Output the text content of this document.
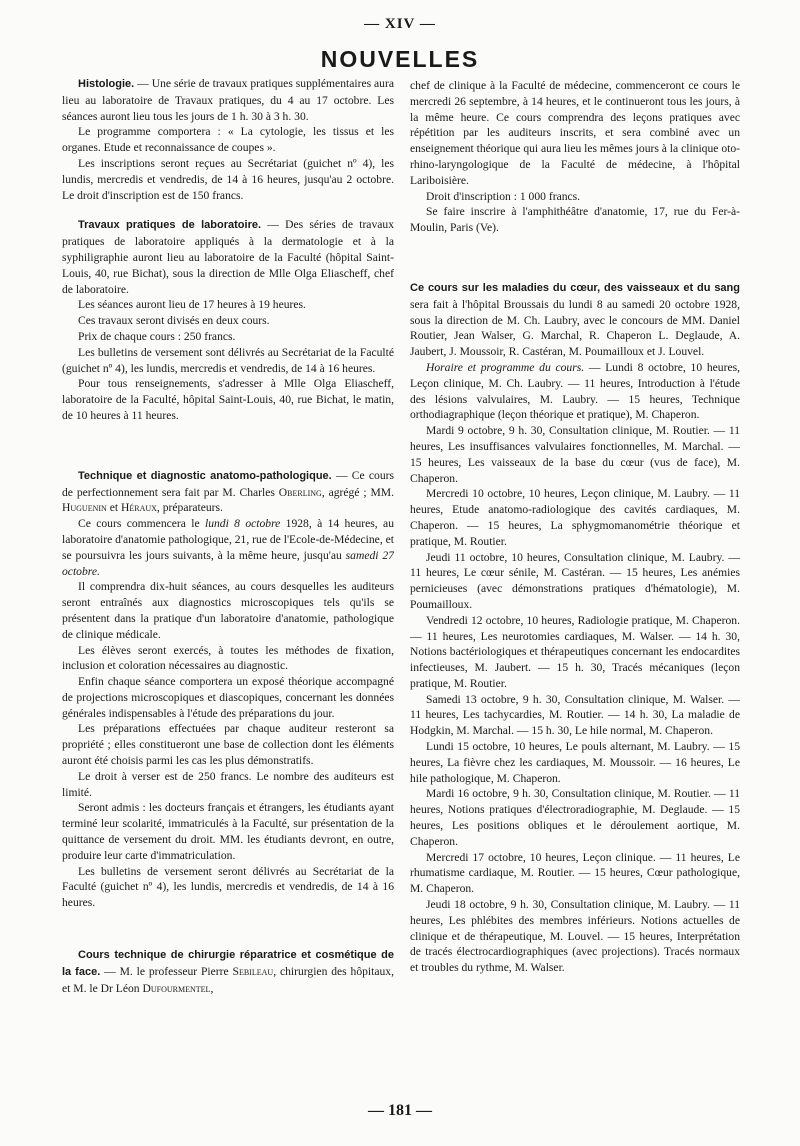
— XIV —
NOUVELLES

Histologie. — Une série de travaux pratiques supplémentaires aura lieu au laboratoire de Travaux pratiques, du 4 au 17 octobre. Les séances auront lieu tous les jours de 1 h. 30 à 3 h. 30.

Le programme comportera : « La cytologie, les tissus et les organes. Etude et reconnaissance de coupes ».

Les inscriptions seront reçues au Secrétariat (guichet nº 4), les lundis, mercredis et vendredis, de 14 à 16 heures, jusqu'au 2 octobre. Le droit d'inscription est de 150 francs.

Travaux pratiques de laboratoire. — Des séries de travaux pratiques de laboratoire appliqués à la dermatologie et à la syphiligraphie auront lieu au laboratoire de la Faculté (hôpital Saint-Louis, 40, rue Bichat), sous la direction de Mlle Olga Eliascheff, chef de laboratoire.

Les séances auront lieu de 17 heures à 19 heures.

Ces travaux seront divisés en deux cours.

Prix de chaque cours : 250 francs.

Les bulletins de versement sont délivrés au Secrétariat de la Faculté (guichet nº 4), les lundis, mercredis et vendredis, de 14 à 16 heures.

Pour tous renseignements, s'adresser à Mlle Olga Eliascheff, laboratoire de la Faculté, hôpital Saint-Louis, 40, rue Bichat, le matin, de 10 heures à 11 heures.

Technique et diagnostic anatomo-pathologique. — Ce cours de perfectionnement sera fait par M. Charles Oberling, agrégé ; MM. Huguenin et Héraux, préparateurs.

Ce cours commencera le lundi 8 octobre 1928, à 14 heures, au laboratoire d'anatomie pathologique, 21, rue de l'Ecole-de-Médecine, et se poursuivra les jours suivants, à la même heure, jusqu'au samedi 27 octobre.

Il comprendra dix-huit séances, au cours desquelles les auditeurs seront entraînés aux diagnostics microscopiques tels qu'ils se présentent dans la pratique d'un laboratoire d'anatomie, pathologique de clinique médicale.

Les élèves seront exercés, à toutes les méthodes de fixation, inclusion et coloration nécessaires au diagnostic.

Enfin chaque séance comportera un exposé théorique accompagné de projections microscopiques et diascopiques, concernant les données générales indispensables à l'étude des préparations du jour.

Les préparations effectuées par chaque auditeur resteront sa propriété ; elles constitueront une base de collection dont les éléments auront été choisis parmi les cas les plus démonstratifs.

Le droit à verser est de 250 francs. Le nombre des auditeurs est limité.

Seront admis : les docteurs français et étrangers, les étudiants ayant terminé leur scolarité, immatriculés à la Faculté, sur présentation de la quittance de versement du droit. MM. les étudiants devront, en outre, produire leur carte d'immatriculation.

Les bulletins de versement seront délivrés au Secrétariat de la Faculté (guichet nº 4), les lundis, mercredis et vendredis, de 14 à 16 heures.

Cours technique de chirurgie réparatrice et cosmétique de la face. — M. le professeur Pierre Sebileau, chirurgien des hôpitaux, et M. le Dr Léon Dufourmentel,

chef de clinique à la Faculté de médecine, commenceront ce cours le mercredi 26 septembre, à 14 heures, et le continueront tous les jours, à la même heure. Ce cours comprendra des leçons pratiques avec répétition par les auditeurs inscrits, et sera combiné avec un enseignement théorique qui aura lieu les mêmes jours à la clinique oto-rhino-laryngologique de la Faculté de médecine, à l'hôpital Lariboisière.

Droit d'inscription : 1 000 francs.

Se faire inscrire à l'amphithéâtre d'anatomie, 17, rue du Fer-à-Moulin, Paris (Ve).

Ce cours sur les maladies du cœur, des vaisseaux et du sang sera fait à l'hôpital Broussais du lundi 8 au samedi 20 octobre 1928, sous la direction de M. Ch. Laubry, avec le concours de MM. Daniel Routier, Jean Walser, G. Marchal, R. Chaperon L. Deglaude, A. Jaubert, J. Moussoir, R. Castéran, M. Poumailloux et J. Louvel.

Horaire et programme du cours. — Lundi 8 octobre, 10 heures, Leçon clinique, M. Ch. Laubry. — 11 heures, Introduction à l'étude des lésions valvulaires, M. Laubry. — 15 heures, Technique orthodiagraphique (leçon théorique et pratique), M. Chaperon.

Mardi 9 octobre, 9 h. 30, Consultation clinique, M. Routier. — 11 heures, Les insuffisances valvulaires fonctionnelles, M. Marchal. — 15 heures, Les vaisseaux de la base du cœur (vus de face), M. Chaperon.

Mercredi 10 octobre, 10 heures, Leçon clinique, M. Laubry. — 11 heures, Etude anatomo-radiologique des cavités cardiaques, M. Chaperon. — 15 heures, La sphygmomanométrie théorique et pratique, M. Routier.

Jeudi 11 octobre, 10 heures, Consultation clinique, M. Laubry. — 11 heures, Le cœur sénile, M. Castéran. — 15 heures, Les anémies pernicieuses (avec démonstrations pratiques d'hématologie), M. Poumailloux.

Vendredi 12 octobre, 10 heures, Radiologie pratique, M. Chaperon. — 11 heures, Les neurotomies cardiaques, M. Walser. — 14 h. 30, Notions bactériologiques et thérapeutiques concernant les endocardites infectieuses, M. Jaubert. — 15 h. 30, Tracés mécaniques (leçon pratique, M. Routier.

Samedi 13 octobre, 9 h. 30, Consultation clinique, M. Walser. — 11 heures, Les tachycardies, M. Routier. — 14 h. 30, La maladie de Hodgkin, M. Marchal. — 15 h. 30, Le hile normal, M. Chaperon.

Lundi 15 octobre, 10 heures, Le pouls alternant, M. Laubry. — 15 heures, La fièvre chez les cardiaques, M. Moussoir. — 16 heures, Le hile pathologique, M. Chaperon.

Mardi 16 octobre, 9 h. 30, Consultation clinique, M. Routier. — 11 heures, Notions pratiques d'électroradiographie, M. Deglaude. — 15 heures, Les positions obliques et le déroulement aortique, M. Chaperon.

Mercredi 17 octobre, 10 heures, Leçon clinique. — 11 heures, Le rhumatisme cardiaque, M. Routier. — 15 heures, Cœur pathologique, M. Chaperon.

Jeudi 18 octobre, 9 h. 30, Consultation clinique, M. Laubry. — 11 heures, Les phlébites des membres inférieurs. Notions actuelles de clinique et de thérapeutique, M. Louvel. — 15 heures, Interprétation de tracés électrocardiographiques (avec projections). Tracés normaux et troubles du rythme, M. Walser.

— 181 —
